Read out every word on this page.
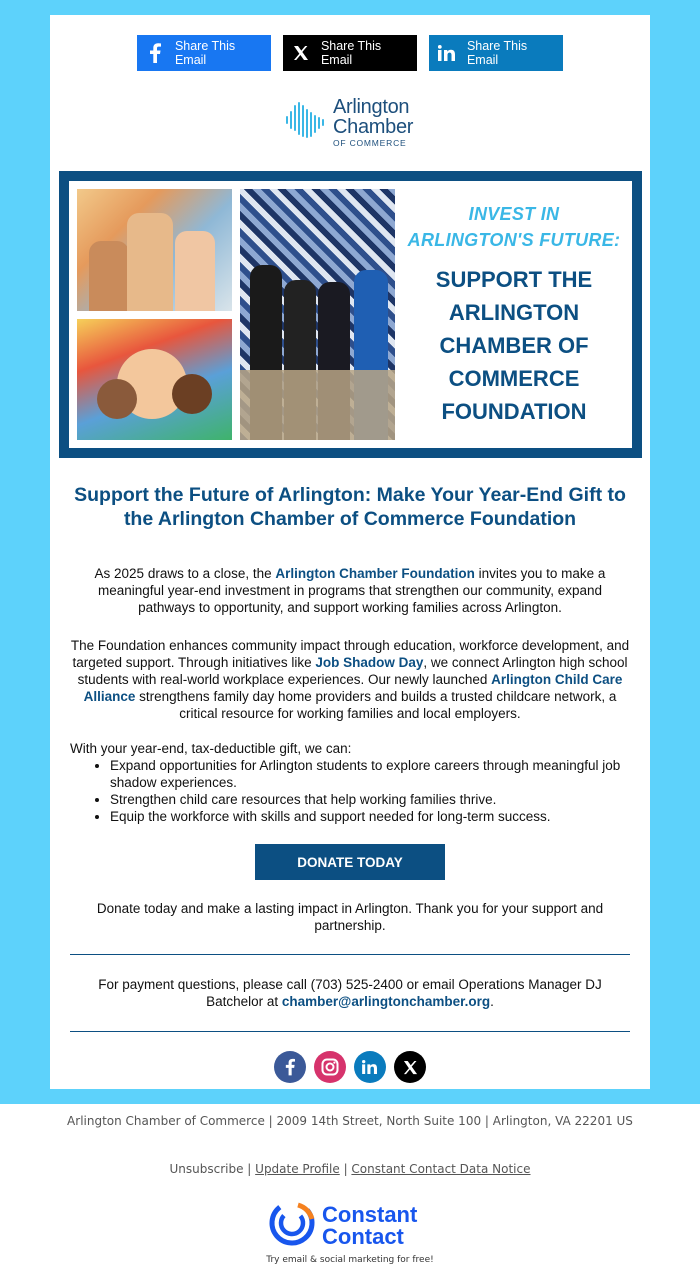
Share This Email
Share This Email
Share This Email
Arlington
Chamber
OF COMMERCE
INVEST IN
ARLINGTON'S FUTURE:
SUPPORT THE
ARLINGTON
CHAMBER OF
COMMERCE
FOUNDATION
Support the Future of Arlington: Make Your Year-End Gift to the Arlington Chamber of Commerce Foundation

As 2025 draws to a close, the Arlington Chamber Foundation invites you to make a meaningful year-end investment in programs that strengthen our community, expand pathways to opportunity, and support working families across Arlington.

The Foundation enhances community impact through education, workforce development, and targeted support. Through initiatives like Job Shadow Day, we connect Arlington high school students with real-world workplace experiences. Our newly launched Arlington Child Care Alliance strengthens family day home providers and builds a trusted childcare network, a critical resource for working families and local employers.

With your year-end, tax-deductible gift, we can:

• Expand opportunities for Arlington students to explore careers through meaningful job shadow experiences.
• Strengthen child care resources that help working families thrive.
• Equip the workforce with skills and support needed for long-term success.
DONATE TODAY

Donate today and make a lasting impact in Arlington. Thank you for your support and partnership.

For payment questions, please call (703) 525-2400 or email Operations Manager DJ Batchelor at chamber@arlingtonchamber.org.

Arlington Chamber of Commerce | 2009 14th Street, North Suite 100 | Arlington, VA 22201 US
Unsubscribe | Update Profile | Constant Contact Data Notice
Constant
Contact
Try email & social marketing for free!
